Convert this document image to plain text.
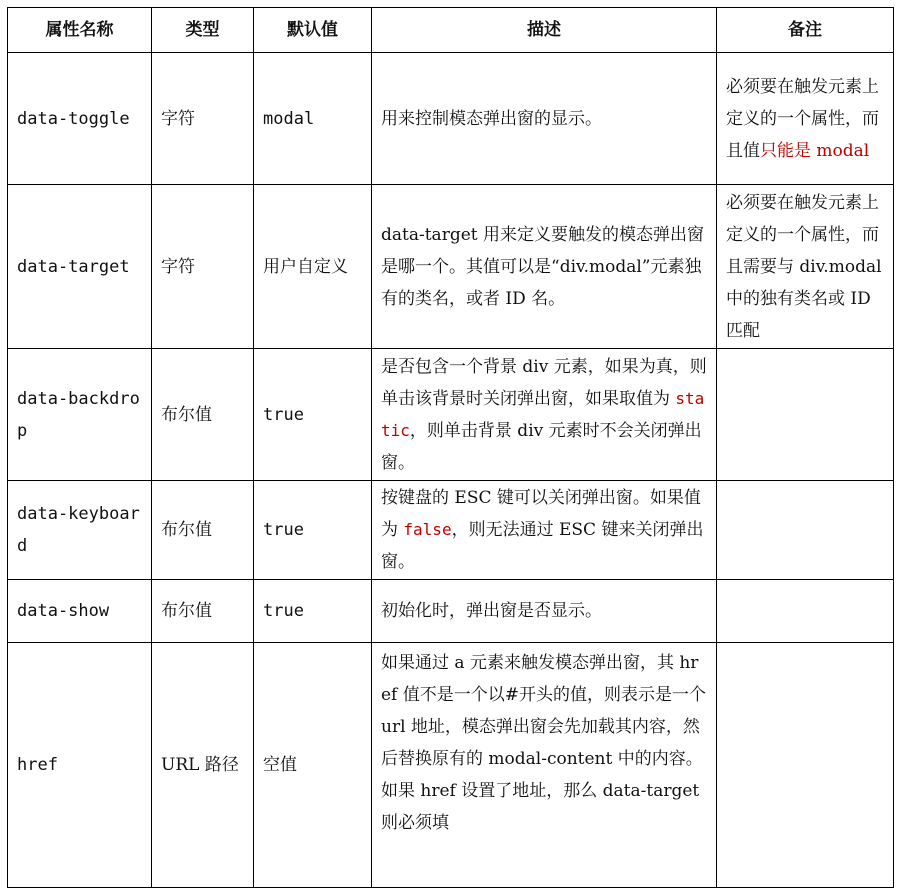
属性名称	类型	默认值	描述	备注
data-toggle	字符	modal	用来控制模态弹出窗的显示。	必须要在触发元素上定义的一个属性，而且值只能是 modal
data-target	字符	用户自定义	data-target 用来定义要触发的模态弹出窗是哪一个。其值可以是“div.modal”元素独有的类名，或者 ID 名。	必须要在触发元素上定义的一个属性，而且需要与 div.modal 中的独有类名或 ID 匹配
data-backdrop	布尔值	true	是否包含一个背景 div 元素，如果为真，则单击该背景时关闭弹出窗，如果取值为 static，则单击背景 div 元素时不会关闭弹出窗。	
data-keyboard	布尔值	true	按键盘的 ESC 键可以关闭弹出窗。如果值为 false，则无法通过 ESC 键来关闭弹出窗。	
data-show	布尔值	true	初始化时，弹出窗是否显示。	
href	URL 路径	空值	如果通过 a 元素来触发模态弹出窗，其 href 值不是一个以#开头的值，则表示是一个 url 地址，模态弹出窗会先加载其内容，然后替换原有的 modal-content 中的内容。如果 href 设置了地址，那么 data-target 则必须填	
